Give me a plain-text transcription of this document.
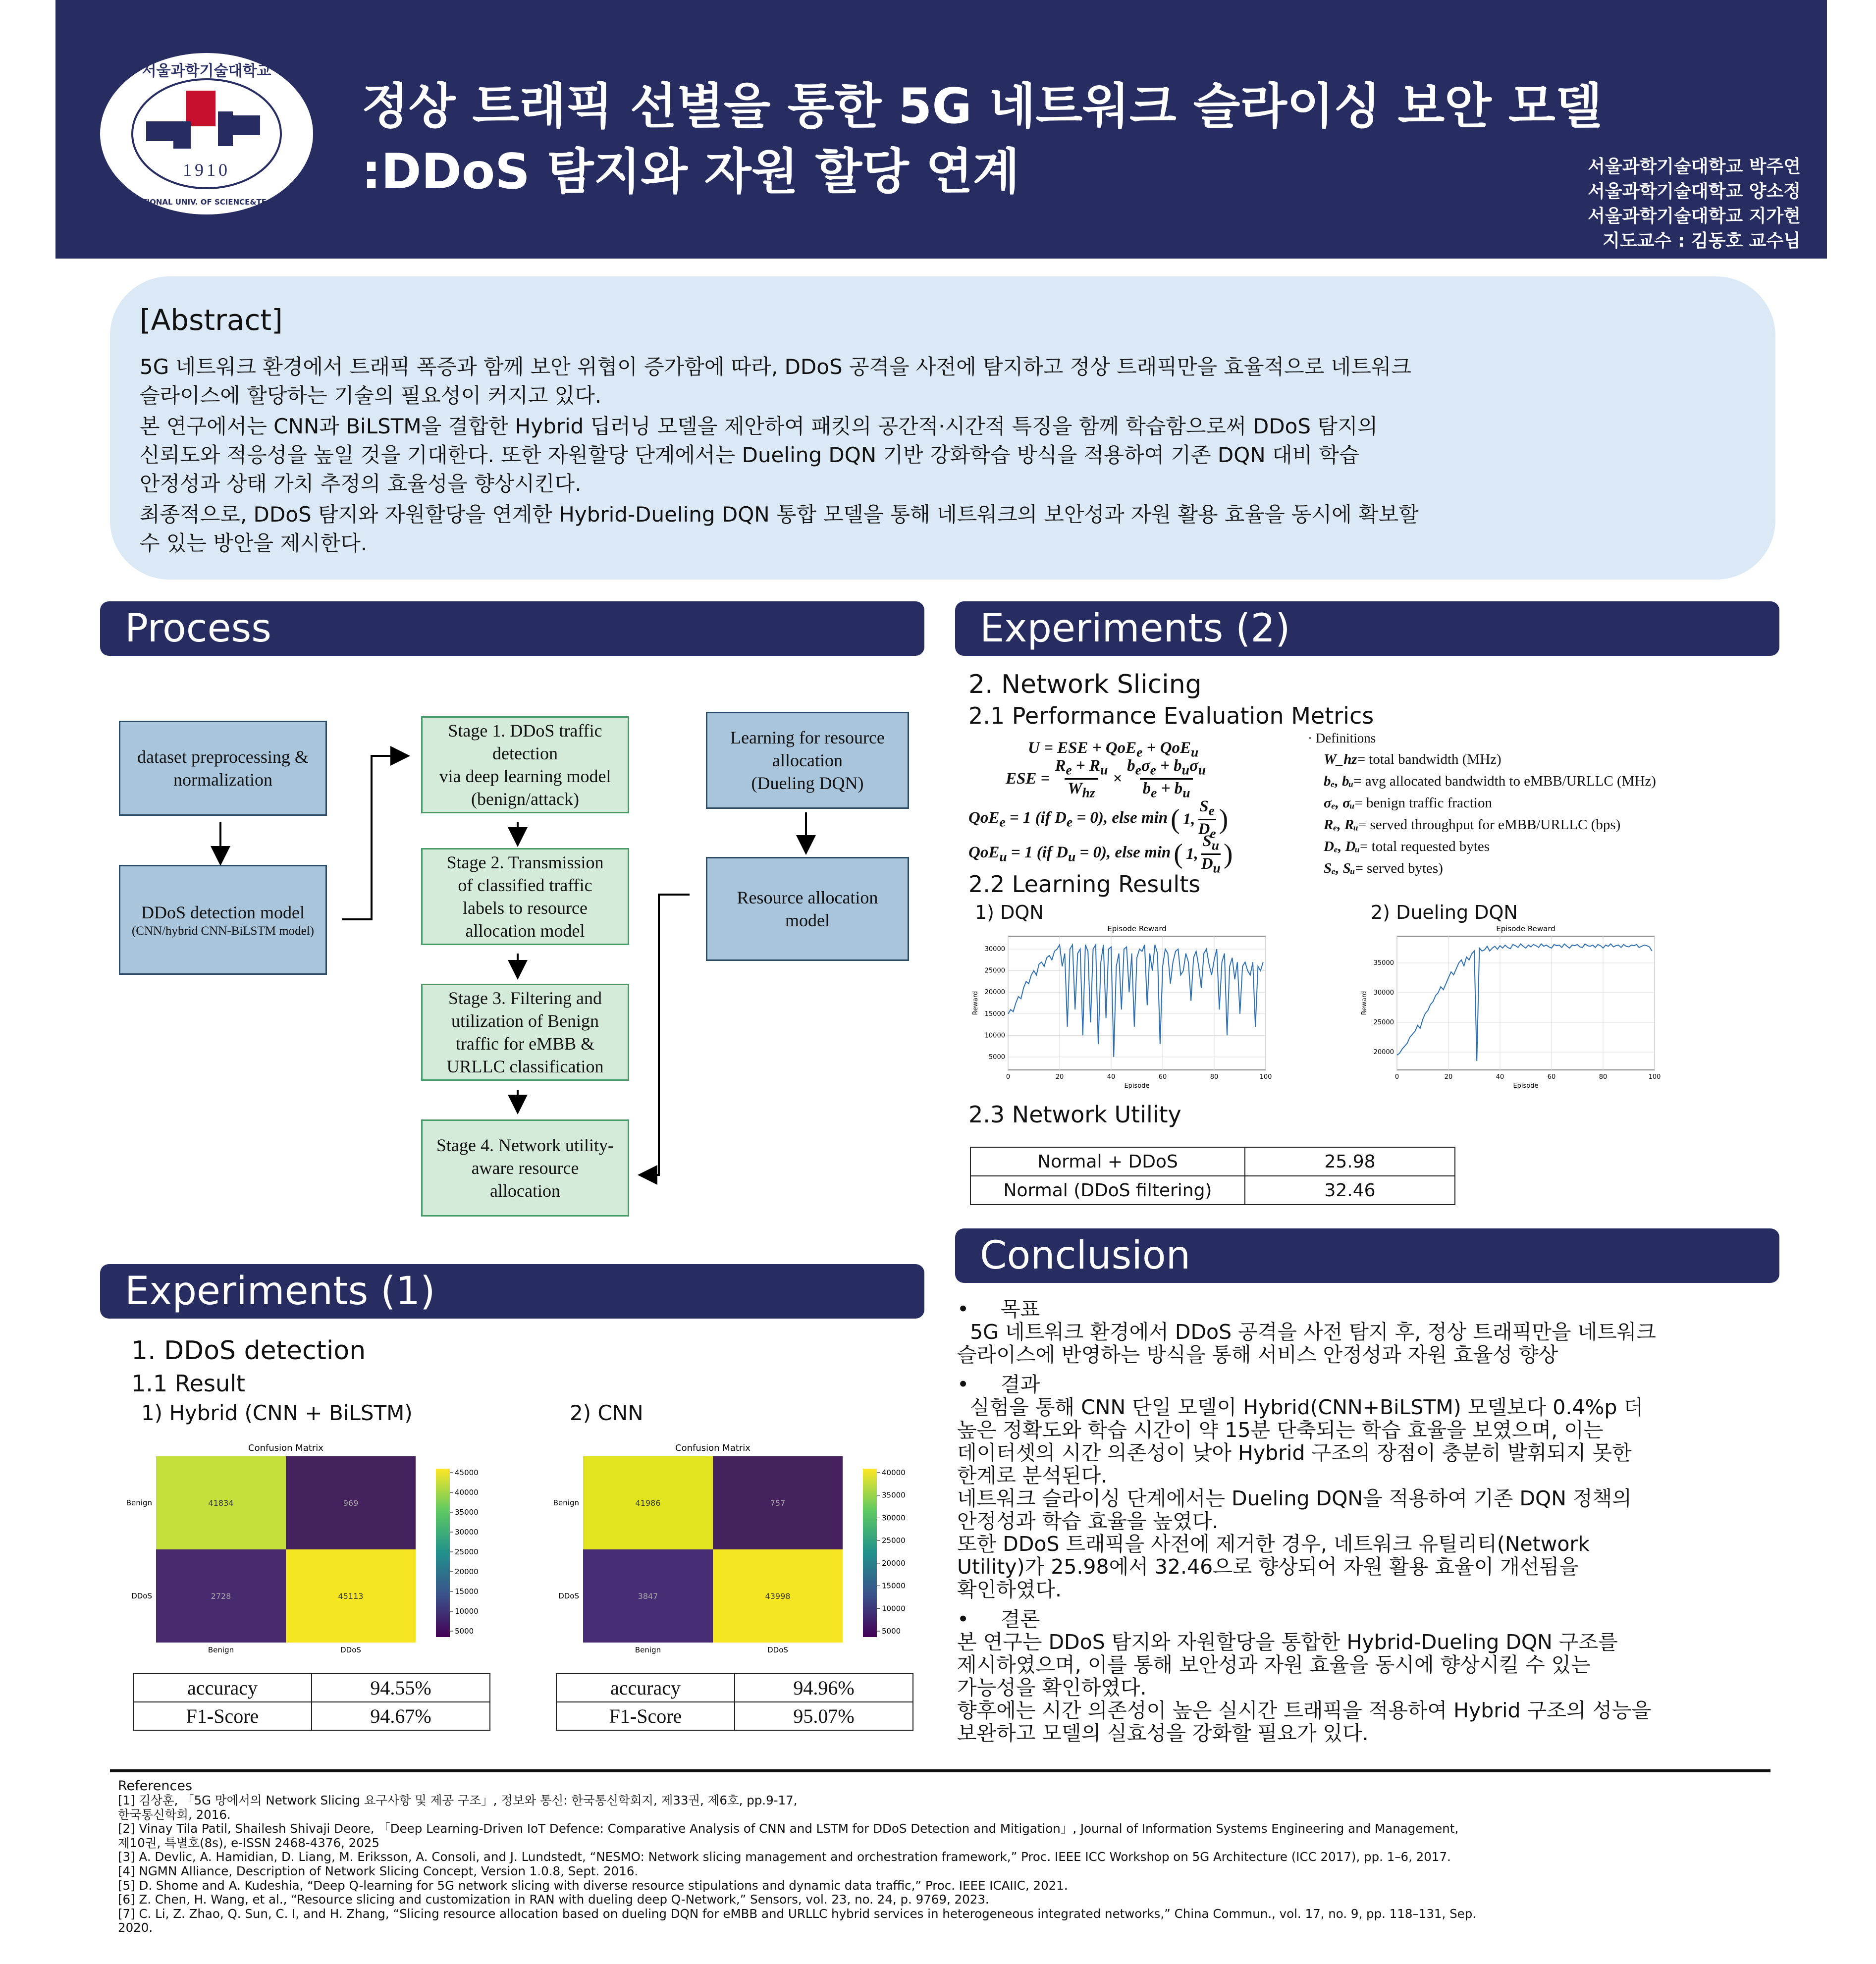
1910
서울과학기술대학교
SEOUL NATIONAL UNIV. OF SCIENCE&TECHNOLOGY
정상 트래픽 선별을 통한 5G 네트워크 슬라이싱 보안 모델
:DDoS 탐지와 자원 할당 연계	서울과학기술대학교 박주연
서울과학기술대학교 양소정
서울과학기술대학교 지가현
지도교수 : 김동호 교수님
[Abstract]
5G 네트워크 환경에서 트래픽 폭증과 함께 보안 위협이 증가함에 따라, DDoS 공격을 사전에 탐지하고 정상 트래픽만을 효율적으로 네트워크
슬라이스에 할당하는 기술의 필요성이 커지고 있다.
본 연구에서는 CNN과 BiLSTM을 결합한 Hybrid 딥러닝 모델을 제안하여 패킷의 공간적·시간적 특징을 함께 학습함으로써 DDoS 탐지의
신뢰도와 적응성을 높일 것을 기대한다. 또한 자원할당 단계에서는 Dueling DQN 기반 강화학습 방식을 적용하여 기존 DQN 대비 학습
안정성과 상태 가치 추정의 효율성을 향상시킨다.
최종적으로, DDoS 탐지와 자원할당을 연계한 Hybrid-Dueling DQN 통합 모델을 통해 네트워크의 보안성과 자원 활용 효율을 동시에 확보할
수 있는 방안을 제시한다.
Process
dataset preprocessing & normalization
DDoS detection model
(CNN/hybrid CNN-BiLSTM model)
Stage 1. DDoS traffic
detection
via deep learning model
(benign/attack)
Stage 2. Transmission
of classified traffic
labels to resource
allocation model
Stage 3. Filtering and
utilization of Benign
traffic for eMBB &
URLLC classification
Stage 4. Network utility-
aware resource
allocation
Learning for resource
allocation
(Dueling DQN)
Resource allocation
model
Experiments (1)
1. DDoS detection
1.1 Result
1) Hybrid (CNN + BiLSTM)	2) CNN
Confusion Matrix
41834	969
Benign
2728	45113
DDoS
Benign	DDoS
45000
40000
35000
30000
25000
20000
15000
10000
5000
Confusion Matrix
41986	757
Benign
3847	43998
DDoS
Benign	DDoS
40000
35000
30000
25000
20000
15000
10000
5000
accuracy	94.55%
F1-Score	94.67%
accuracy	94.96%
F1-Score	95.07%
Experiments (2)
2. Network Slicing
2.1 Performance Evaluation Metrics
U = ESE + QoE$_e$ + QoE$_u$
ESE =
$R_e + R_u$
$W_{hz}$
×
$b_e\sigma_e + b_u\sigma_u$
$b_e + b_u$
QoE$_e$ = 1 (if $D_e = 0$), else min ( 1,
$S_e$
$D_e$ )
QoE$_u$ = 1 (if $D_u = 0$), else min ( 1,
$S_u$
$D_u$ )
· Definitions
W_hz= total bandwidth (MHz)
bₑ, bᵤ= avg allocated bandwidth to eMBB/URLLC (MHz)
σₑ, σᵤ= benign traffic fraction
Rₑ, Rᵤ= served throughput for eMBB/URLLC (bps)
Dₑ, Dᵤ= total requested bytes
Sₑ, Sᵤ= served bytes)
2.2 Learning Results
1) DQN	2) Dueling DQN
Episode Reward
0	20	40	60	80	100
5000
10000
15000
20000
25000
30000
Episode
Reward
Episode Reward
0	20	40	60	80	100
20000
25000
30000
35000
Episode
Reward
2.3 Network Utility
Normal + DDoS	25.98
Normal (DDoS filtering)	32.46
Conclusion
• 목표
5G 네트워크 환경에서 DDoS 공격을 사전 탐지 후, 정상 트래픽만을 네트워크
슬라이스에 반영하는 방식을 통해 서비스 안정성과 자원 효율성 향상
• 결과
실험을 통해 CNN 단일 모델이 Hybrid(CNN+BiLSTM) 모델보다 0.4%p 더
높은 정확도와 학습 시간이 약 15분 단축되는 학습 효율을 보였으며, 이는
데이터셋의 시간 의존성이 낮아 Hybrid 구조의 장점이 충분히 발휘되지 못한
한계로 분석된다.
네트워크 슬라이싱 단계에서는 Dueling DQN을 적용하여 기존 DQN 정책의
안정성과 학습 효율을 높였다.
또한 DDoS 트래픽을 사전에 제거한 경우, 네트워크 유틸리티(Network
Utility)가 25.98에서 32.46으로 향상되어 자원 활용 효율이 개선됨을
확인하였다.
• 결론
본 연구는 DDoS 탐지와 자원할당을 통합한 Hybrid-Dueling DQN 구조를
제시하였으며, 이를 통해 보안성과 자원 효율을 동시에 향상시킬 수 있는
가능성을 확인하였다.
향후에는 시간 의존성이 높은 실시간 트래픽을 적용하여 Hybrid 구조의 성능을
보완하고 모델의 실효성을 강화할 필요가 있다.
References
[1] 김상훈, 「5G 망에서의 Network Slicing 요구사항 및 제공 구조」, 정보와 통신: 한국통신학회지, 제33권, 제6호, pp.9-17,
한국통신학회, 2016.
[2] Vinay Tila Patil, Shailesh Shivaji Deore, 「Deep Learning-Driven IoT Defence: Comparative Analysis of CNN and LSTM for DDoS Detection and Mitigation」, Journal of Information Systems Engineering and Management,
제10권, 특별호(8s), e-ISSN 2468-4376, 2025
[3] A. Devlic, A. Hamidian, D. Liang, M. Eriksson, A. Consoli, and J. Lundstedt, “NESMO: Network slicing management and orchestration framework,” Proc. IEEE ICC Workshop on 5G Architecture (ICC 2017), pp. 1–6, 2017.
[4] NGMN Alliance, Description of Network Slicing Concept, Version 1.0.8, Sept. 2016.
[5] D. Shome and A. Kudeshia, “Deep Q-learning for 5G network slicing with diverse resource stipulations and dynamic data traffic,” Proc. IEEE ICAIIC, 2021.
[6] Z. Chen, H. Wang, et al., “Resource slicing and customization in RAN with dueling deep Q-Network,” Sensors, vol. 23, no. 24, p. 9769, 2023.
[7] C. Li, Z. Zhao, Q. Sun, C. I, and H. Zhang, “Slicing resource allocation based on dueling DQN for eMBB and URLLC hybrid services in heterogeneous integrated networks,” China Commun., vol. 17, no. 9, pp. 118–131, Sep.
2020.
